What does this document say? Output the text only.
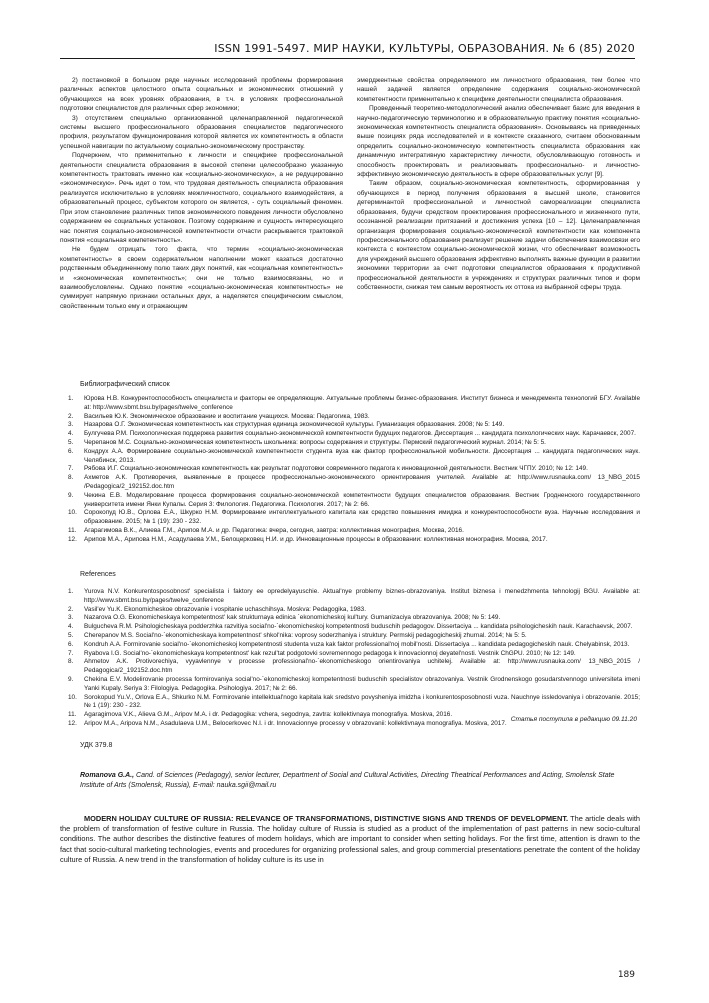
ISSN 1991-5497. МИР НАУКИ, КУЛЬТУРЫ, ОБРАЗОВАНИЯ. № 6 (85) 2020

2) постановкой в большом ряде научных исследований проблемы формирования различных аспектов целостного опыта социальных и экономических отношений у обучающихся на всех уровнях образования, в т.ч. в условиях профессиональной подготовки специалистов для различных сфер экономики;

3) отсутствием специально организованной целенаправленной педагогической системы высшего профессионального образования специалистов педагогического профиля, результатом функционирования которой является их компетентность в области успешной навигации по актуальному социально-экономическому пространству.

Подчеркнем, что применительно к личности и специфике профессиональной деятельности специалиста образования в высокой степени целесообразно указанную компетентность трактовать именно как «социально-экономическую», а не редуцированно «экономическую». Речь идет о том, что трудовая деятельность специалиста образования реализуется исключительно в условиях межличностного, социального взаимодействия, а образовательный процесс, субъектом которого он является, - суть социальный феномен. При этом становление различных типов экономического поведения личности обусловлено содержанием ее социальных установок. Поэтому содержание и сущность интересующего нас понятия социально-экономической компетентности отчасти раскрывается трактовкой понятия «социальная компетентность».

Не будем отрицать того факта, что термин «социально-экономическая компетентность» в своем содержательном наполнении может казаться достаточно родственным объединенному полю таких двух понятий, как «социальная компетентность» и «экономическая компетентность»; они не только взаимосвязаны, но и взаимообусловлены. Однако понятие «социально-экономическая компетентность» не суммирует напрямую признаки остальных двух, а наделяется специфическим смыслом, свойственным только ему и отражающим

эмерджентные свойства определяемого им личностного образования, тем более что нашей задачей является определение содержания социально-экономической компетентности применительно к специфике деятельности специалиста образования.

Проведенный теоретико-методологический анализ обеспечивает базис для введения в научно-педагогическую терминологию и в образовательную практику понятия «социально-экономическая компетентность специалиста образования». Основываясь на приведенных выше позициях ряда исследователей и в контексте сказанного, считаем обоснованным определить социально-экономическую компетентность специалиста образования как динамичную интегративную характеристику личности, обусловливающую готовность и способность проектировать и реализовывать профессионально- и личностно-эффективную экономическую деятельность в сфере образовательных услуг [9].

Таким образом, социально-экономическая компетентность, сформированная у обучающихся в период получения образования в высшей школе, становится детерминантой профессиональной и личностной самореализации специалиста образования, будучи средством проектирования профессионального и жизненного пути, осознанной реализации притязаний и достижения успеха [10 – 12]. Целенаправленная организация формирования социально-экономической компетентности как компонента профессионального образования реализует решение задачи обеспечения взаимосвязи его контекста с контекстом социально-экономической жизни, что обеспечивает возможность для учреждений высшего образования эффективно выполнять важные функции в развитии экономики территории за счет подготовки специалистов образования к продуктивной профессиональной деятельности в учреждениях и структурах различных типов и форм собственности, снижая тем самым вероятность их оттока из выбранной сферы труда.

Библиографический список
1.	Юрова Н.В. Конкурентоспособность специалиста и факторы ее определяющие. Актуальные проблемы бизнес-образования. Институт бизнеса и менеджмента технологий БГУ. Available at: http://www.sbmt.bsu.by/pages/twelve_conference
2.	Васильев Ю.К. Экономическое образование и воспитание учащихся. Москва: Педагогика, 1983.
3.	Назарова О.Г. Экономическая компетентность как структурная единица экономической культуры. Гуманизация образования. 2008; № 5: 149.
4.	Булгучева Р.М. Психологическая поддержка развития социально-экономической компетентности будущих педагогов. Диссертация ... кандидата психологических наук. Карачаевск, 2007.
5.	Черепанов М.С. Социально-экономическая компетентность школьника: вопросы содержания и структуры. Пермский педагогический журнал. 2014; № 5: 5.
6.	Кондрух А.А. Формирование социально-экономической компетентности студента вуза как фактор профессиональной мобильности. Диссертация ... кандидата педагогических наук. Челябинск, 2013.
7.	Рябова И.Г. Социально-экономическая компетентность как результат подготовки современного педагога к инновационной деятельности. Вестник ЧГПУ. 2010; № 12: 149.
8.	Ахметов А.К. Противоречия, выявленные в процессе профессионально-экономического ориентирования учителей. Available at: http://www.rusnauka.com/ 13_NBG_2015 /Pedagogica/2_192152.doc.htm
9.	Чекина Е.В. Моделирование процесса формирования социально-экономической компетентности будущих специалистов образования. Вестник Гродненского государственного университета имени Янки Купалы. Серия 3: Филология. Педагогика. Психология. 2017; № 2: 66.
10.	Сорокопуд Ю.В., Орлова Е.А., Шкурко Н.М. Формирование интеллектуального капитала как средство повышения имиджа и конкурентоспособности вуза. Научные исследования и образование. 2015; № 1 (19): 230 - 232.
11.	Агарагимова В.К., Алиева Г.М., Арипов М.А. и др. Педагогика: вчера, сегодня, завтра: коллективная монография. Москва, 2016.
12.	Арипов М.А., Арипова Н.М., Асадулаева У.М., Белоцерковец Н.И. и др. Инновационные процессы в образовании: коллективная монография. Москва, 2017.
References
1.	Yurova N.V. Konkurentosposobnost' specialista i faktory ee opredelyayuschie. Aktual'nye problemy biznes-obrazovaniya. Institut biznesa i menedzhmenta tehnologij BGU. Available at: http://www.sbmt.bsu.by/pages/twelve_conference
2.	Vasil'ev Yu.K. Ekonomicheskoe obrazovanie i vospitanie uchaschihsya. Moskva: Pedagogika, 1983.
3.	Nazarova O.G. Ekonomicheskaya kompetentnost' kak strukturnaya edinica `ekonomicheskoj kul'tury. Gumanizaciya obrazovaniya. 2008; № 5: 149.
4.	Bulgucheva R.M. Psihologicheskaya podderzhka razvitiya social'no-`ekonomicheskoj kompetentnosti buduschih pedagogov. Dissertaciya ... kandidata psihologicheskih nauk. Karachaevsk, 2007.
5.	Cherepanov M.S. Social'no-`ekonomicheskaya kompetentnost' shkol'nika: voprosy soderzhaniya i struktury. Permskij pedagogicheskij zhurnal. 2014; № 5: 5.
6.	Kondruh A.A. Formirovanie social'no-`ekonomicheskoj kompetentnosti studenta vuza kak faktor professional'noj mobil'nosti. Dissertaciya ... kandidata pedagogicheskih nauk. Chelyabinsk, 2013.
7.	Ryabova I.G. Social'no-`ekonomicheskaya kompetentnost' kak rezul'tat podgotovki sovremennogo pedagoga k innovacionnoj deyatel'nosti. Vestnik ChGPU. 2010; № 12: 149.
8.	Ahmetov A.K. Protivorechiya, vyyavlennye v processe professional'no-`ekonomicheskogo orientirovaniya uchitelej. Available at: http://www.rusnauka.com/ 13_NBG_2015 / Pedagogica/2_192152.doc.htm
9.	Chekina E.V. Modelirovanie processa formirovaniya social'no-`ekonomicheskoj kompetentnosti buduschih specialistov obrazovaniya. Vestnik Grodnenskogo gosudarstvennogo universiteta imeni Yanki Kupaly. Seriya 3: Filologiya. Pedagogika. Psihologiya. 2017; № 2: 66.
10.	Sorokopud Yu.V., Orlova E.A., Shkurko N.M. Formirovanie intellektual'nogo kapitala kak sredstvo povysheniya imidzha i konkurentosposobnosti vuza. Nauchnye issledovaniya i obrazovanie. 2015; № 1 (19): 230 - 232.
11.	Agaragimova V.K., Alieva G.M., Aripov M.A. i dr. Pedagogika: vchera, segodnya, zavtra: kollektivnaya monografiya. Moskva, 2016.
12.	Aripov M.A., Aripova N.M., Asadulaeva U.M., Belocerkovec N.I. i dr. Innovacionnye processy v obrazovanii: kollektivnaya monografiya. Moskva, 2017.
Статья поступила в редакцию 09.11.20
УДК 379.8
Romanova G.A., Cand. of Sciences (Pedagogy), senior lecturer, Department of Social and Cultural Activities, Directing Theatrical Performances and Acting, Smolensk State Institute of Arts (Smolensk, Russia), E-mail: nauka.sgii@mail.ru
MODERN HOLIDAY CULTURE OF RUSSIA: RELEVANCE OF TRANSFORMATIONS, DISTINCTIVE SIGNS AND TRENDS OF DEVELOPMENT. The article deals with the problem of transformation of festive culture in Russia. The holiday culture of Russia is studied as a product of the implementation of past patterns in new socio-cultural conditions. The author describes the distinctive features of modern holidays, which are important to consider when setting holidays. For the first time, attention is drawn to the fact that socio-cultural marketing technologies, events and procedures for organizing professional sales, and group commercial presentations penetrate the content of the holiday culture of Russia. A new trend in the transformation of holiday culture is its use in
189
